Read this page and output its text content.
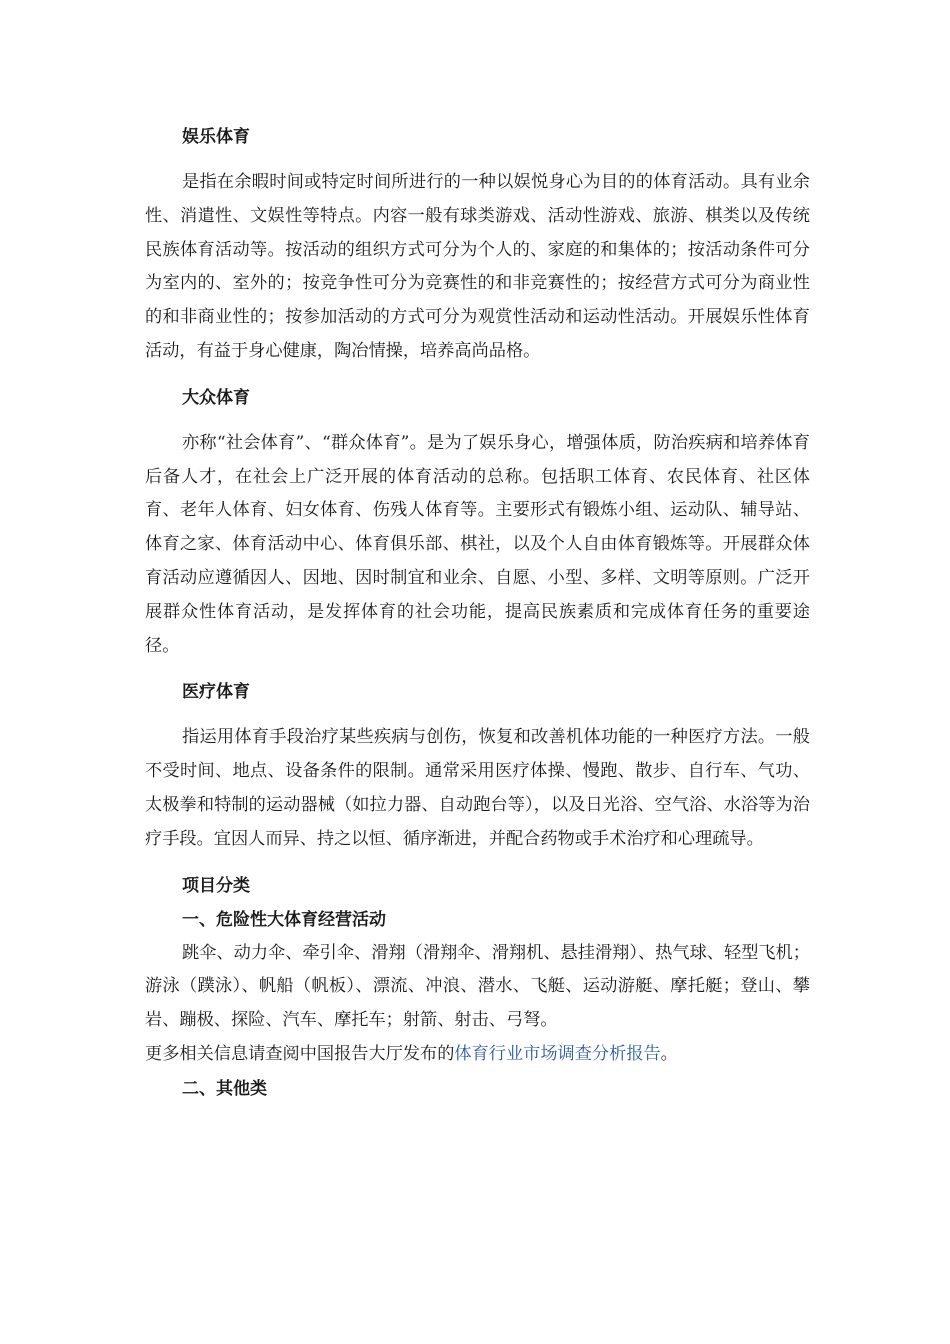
娱乐体育

是指在余暇时间或特定时间所进行的一种以娱悦身心为目的的体育活动。具有业余性、消遣性、文娱性等特点。内容一般有球类游戏、活动性游戏、旅游、棋类以及传统民族体育活动等。按活动的组织方式可分为个人的、家庭的和集体的；按活动条件可分为室内的、室外的；按竞争性可分为竞赛性的和非竞赛性的；按经营方式可分为商业性的和非商业性的；按参加活动的方式可分为观赏性活动和运动性活动。开展娱乐性体育活动，有益于身心健康，陶冶情操，培养高尚品格。

大众体育

亦称“社会体育”、“群众体育”。是为了娱乐身心，增强体质，防治疾病和培养体育后备人才，在社会上广泛开展的体育活动的总称。包括职工体育、农民体育、社区体育、老年人体育、妇女体育、伤残人体育等。主要形式有锻炼小组、运动队、辅导站、体育之家、体育活动中心、体育俱乐部、棋社，以及个人自由体育锻炼等。开展群众体育活动应遵循因人、因地、因时制宜和业余、自愿、小型、多样、文明等原则。广泛开展群众性体育活动，是发挥体育的社会功能，提高民族素质和完成体育任务的重要途径。

医疗体育

指运用体育手段治疗某些疾病与创伤，恢复和改善机体功能的一种医疗方法。一般不受时间、地点、设备条件的限制。通常采用医疗体操、慢跑、散步、自行车、气功、太极拳和特制的运动器械（如拉力器、自动跑台等），以及日光浴、空气浴、水浴等为治疗手段。宜因人而异、持之以恒、循序渐进，并配合药物或手术治疗和心理疏导。

项目分类

一、危险性大体育经营活动

跳伞、动力伞、牵引伞、滑翔（滑翔伞、滑翔机、悬挂滑翔）、热气球、轻型飞机；游泳（蹼泳）、帆船（帆板）、漂流、冲浪、潜水、飞艇、运动游艇、摩托艇；登山、攀岩、蹦极、探险、汽车、摩托车；射箭、射击、弓弩。

更多相关信息请查阅中国报告大厅发布的体育行业市场调查分析报告。

二、其他类
